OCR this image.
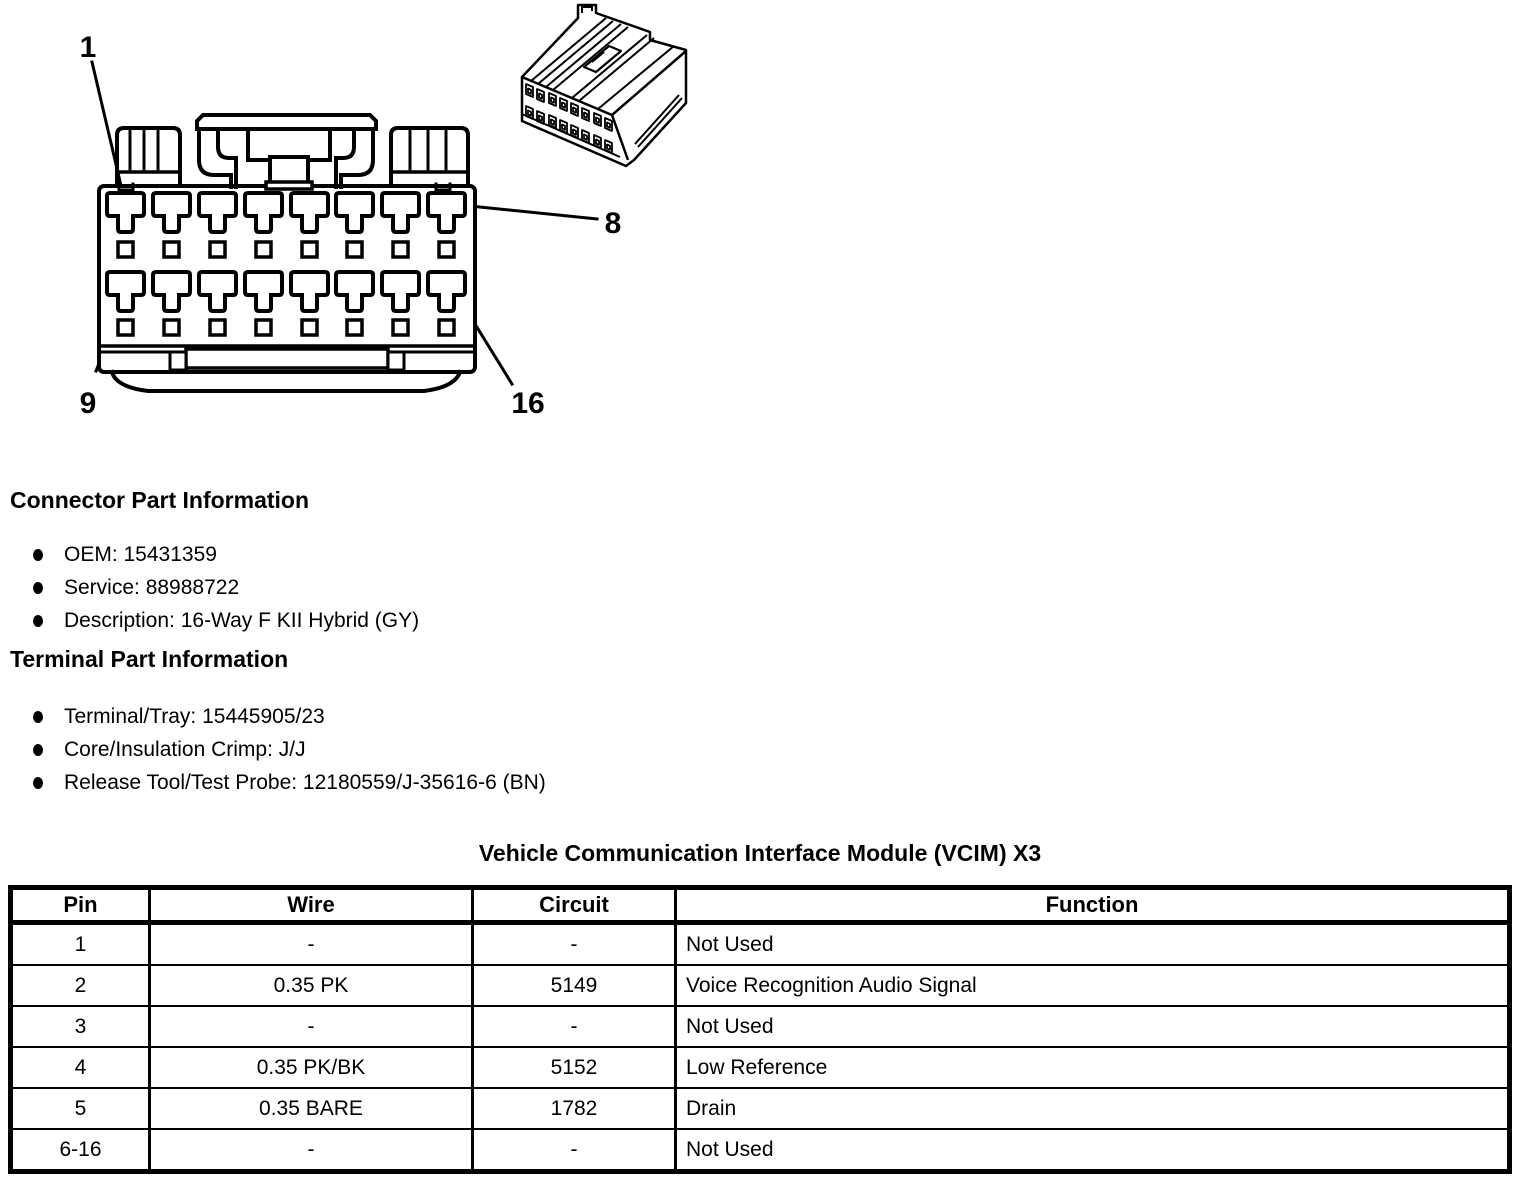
1
8
9	16
Connector Part Information
OEM: 15431359
Service: 88988722
Description: 16-Way F KII Hybrid (GY)
Terminal Part Information
Terminal/Tray: 15445905/23
Core/Insulation Crimp: J/J
Release Tool/Test Probe: 12180559/J-35616-6 (BN)
Vehicle Communication Interface Module (VCIM) X3
Pin	Wire	Circuit	Function
1	-	-	Not Used
2	0.35 PK	5149	Voice Recognition Audio Signal
3	-	-	Not Used
4	0.35 PK/BK	5152	Low Reference
5	0.35 BARE	1782	Drain
6-16	-	-	Not Used
